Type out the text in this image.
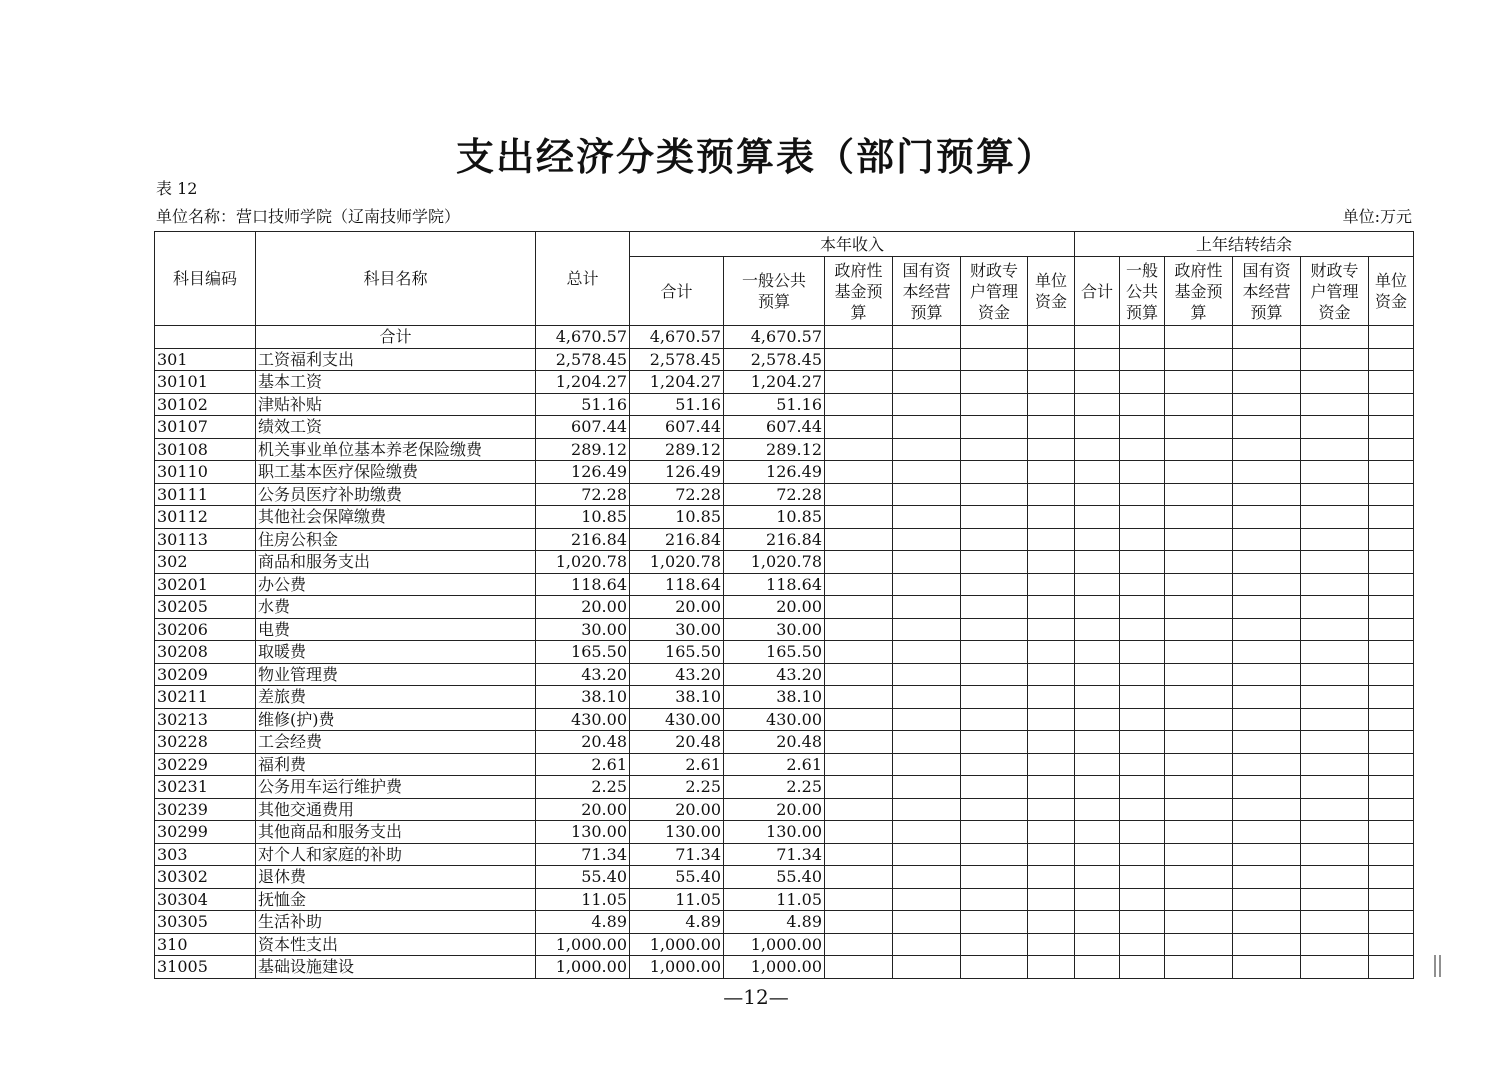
支出经济分类预算表（部门预算）
表 12
单位名称：营口技师学院（辽南技师学院）	单位:万元
科目编码	科目名称	总计	本年收入						上年结转结余					
			合计	一般公共预算	政府性基金预算	国有资本经营预算	财政专户管理资金	单位资金	合计	一般公共预算	政府性基金预算	国有资本经营预算	财政专户管理资金	单位资金
	合计	4,670.57	4,670.57	4,670.57										
301	工资福利支出	2,578.45	2,578.45	2,578.45										
30101	基本工资	1,204.27	1,204.27	1,204.27										
30102	津贴补贴	51.16	51.16	51.16										
30107	绩效工资	607.44	607.44	607.44										
30108	机关事业单位基本养老保险缴费	289.12	289.12	289.12										
30110	职工基本医疗保险缴费	126.49	126.49	126.49										
30111	公务员医疗补助缴费	72.28	72.28	72.28										
30112	其他社会保障缴费	10.85	10.85	10.85										
30113	住房公积金	216.84	216.84	216.84										
302	商品和服务支出	1,020.78	1,020.78	1,020.78										
30201	办公费	118.64	118.64	118.64										
30205	水费	20.00	20.00	20.00										
30206	电费	30.00	30.00	30.00										
30208	取暖费	165.50	165.50	165.50										
30209	物业管理费	43.20	43.20	43.20										
30211	差旅费	38.10	38.10	38.10										
30213	维修(护)费	430.00	430.00	430.00										
30228	工会经费	20.48	20.48	20.48										
30229	福利费	2.61	2.61	2.61										
30231	公务用车运行维护费	2.25	2.25	2.25										
30239	其他交通费用	20.00	20.00	20.00										
30299	其他商品和服务支出	130.00	130.00	130.00										
303	对个人和家庭的补助	71.34	71.34	71.34										
30302	退休费	55.40	55.40	55.40										
30304	抚恤金	11.05	11.05	11.05										
30305	生活补助	4.89	4.89	4.89										
310	资本性支出	1,000.00	1,000.00	1,000.00										
31005	基础设施建设	1,000.00	1,000.00	1,000.00										
—12—
